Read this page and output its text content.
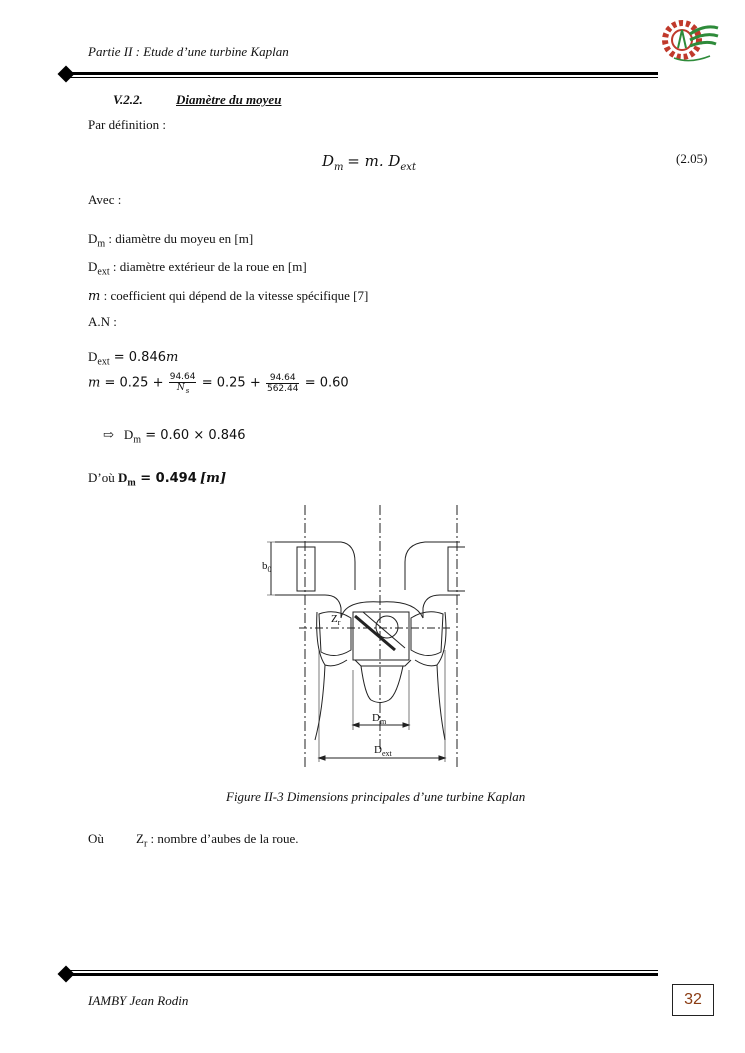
Partie II : Etude d’une turbine Kaplan
V.2.2.	Diamètre du moyeu
Par définition :
$D_m = m$. $D_{ext}$
(2.05)
Avec :
$D_m$ : diamètre du moyeu en [m]
$D_{ext}$ : diamètre extérieur de la roue en [m]
m : coefficient qui dépend de la vitesse spécifique [7]
A.N :
$D_{ext} = 0.846m$
$m = 0.25 + \frac{94.64}{N_s} = 0.25 + \frac{94.64}{562.44} = 0.60$
⇨ $D_m = 0.60 \times 0.846$
D’où $D_m = 0.494$ [m]
$b_0$
$Z_r$
$D_m$
$D_{ext}$
Figure II-3 Dimensions principales d’une turbine Kaplan
Où $Z_r$ : nombre d’aubes de la roue.
IAMBY Jean Rodin	32
